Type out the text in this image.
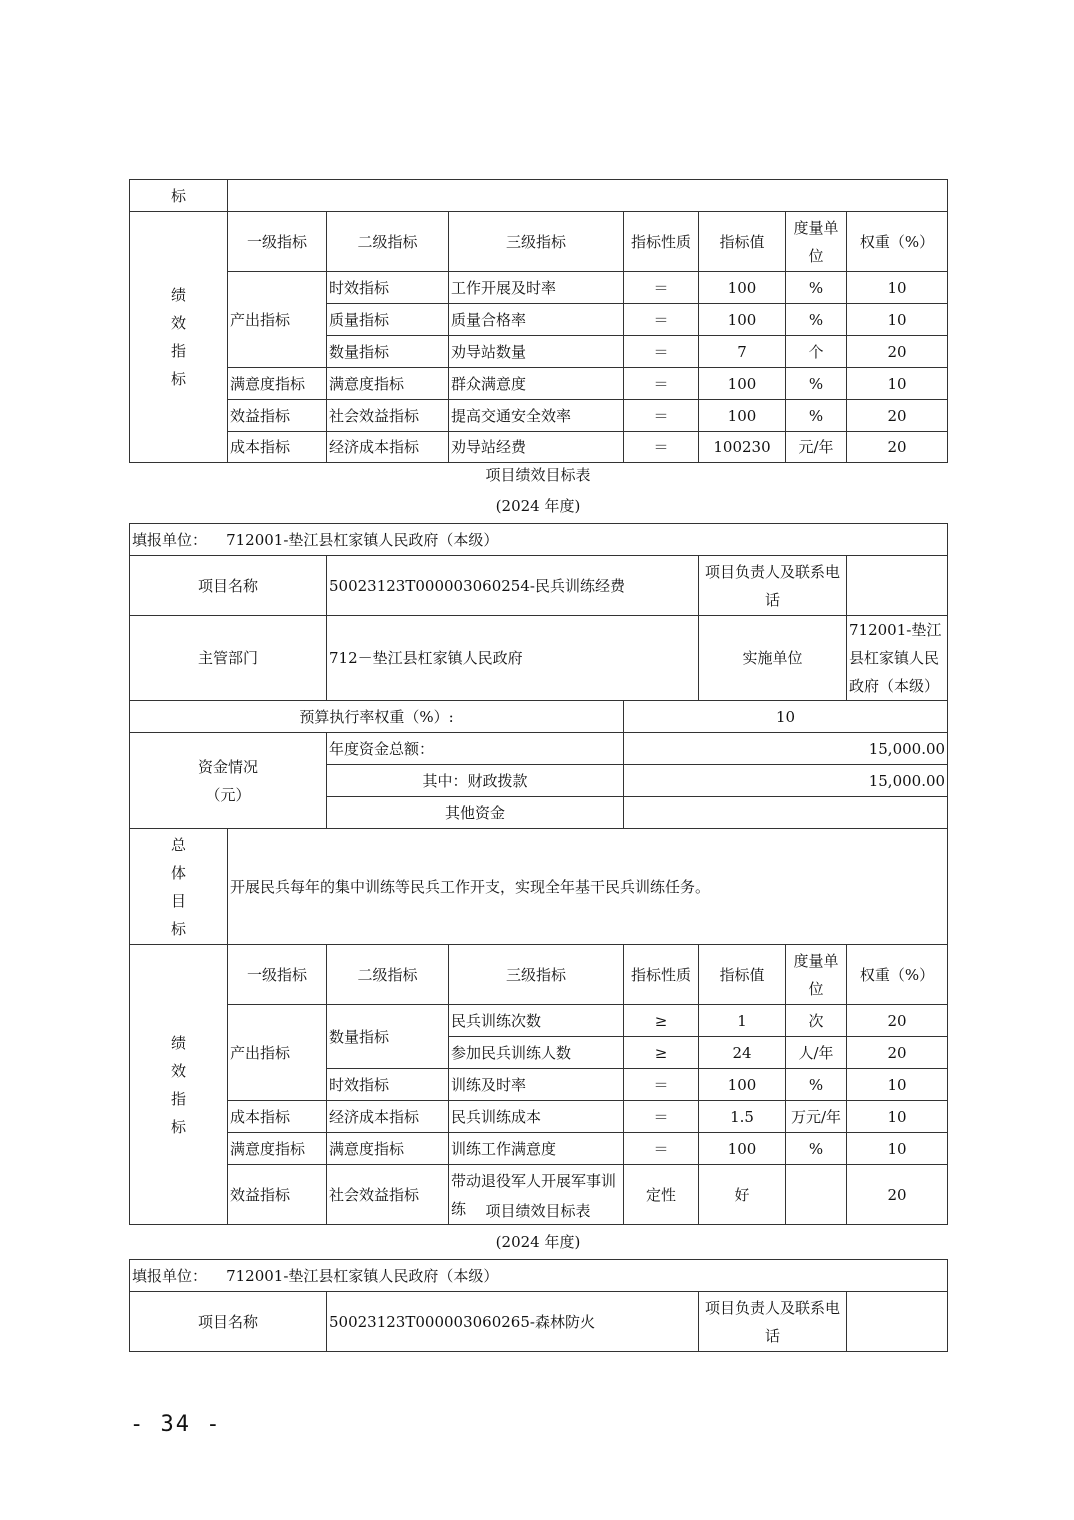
标							

绩
效
指
标	一级指标	二级指标	三级指标	指标性质	指标值	度量单位	权重（%）
	产出指标	时效指标	工作开展及时率	＝	100	%	10
		质量指标	质量合格率	＝	100	%	10
		数量指标	劝导站数量	＝	7	个	20
	满意度指标	满意度指标	群众满意度	＝	100	%	10
	效益指标	社会效益指标	提高交通安全效率	＝	100	%	20
	成本指标	经济成本指标	劝导站经费	＝	100230	元/年	20
项目绩效目标表
(2024 年度)
填报单位： 712001-垫江县杠家镇人民政府（本级）							
项目名称		50023123T000003060254-民兵训练经费			项目负责人及联系电话		
主管部门		712－垫江县杠家镇人民政府			实施单位		712001-垫江县杠家镇人民政府（本级）
预算执行率权重（%）:				10			

资金情况
（元）		年度资金总额：		15,000.00			
		其中：财政拨款		15,000.00			
		其他资金					

总
体
目
标	开展民兵每年的集中训练等民兵工作开支，实现全年基干民兵训练任务。						

绩
效
指
标	一级指标	二级指标	三级指标	指标性质	指标值	度量单位	权重（%）
	产出指标	数量指标	民兵训练次数	≥	1	次	20
			参加民兵训练人数	≥	24	人/年	20
		时效指标	训练及时率	＝	100	%	10
	成本指标	经济成本指标	民兵训练成本	＝	1.5	万元/年	10
	满意度指标	满意度指标	训练工作满意度	＝	100	%	10
	效益指标	社会效益指标	带动退役军人开展军事训练	定性	好		20
项目绩效目标表
(2024 年度)
填报单位： 712001-垫江县杠家镇人民政府（本级）
项目名称	50023123T000003060265-森林防火	项目负责人及联系电话	
- 34 -
